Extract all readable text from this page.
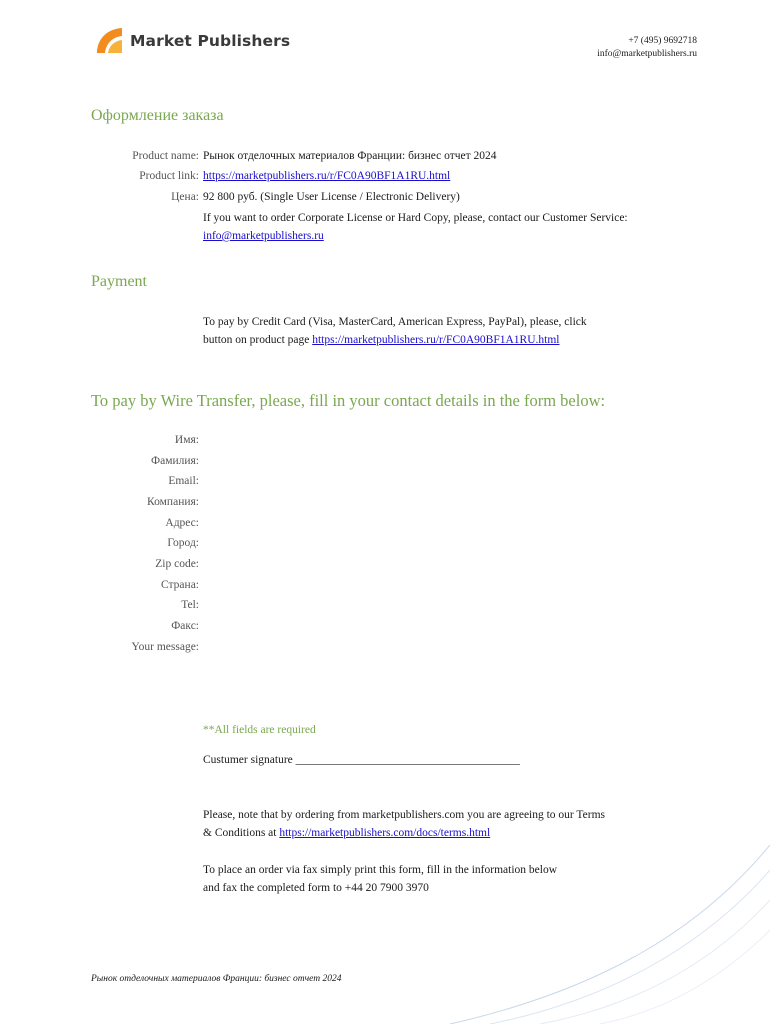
Market Publishers	+7 (495) 9692718
info@marketpublishers.ru
Оформление заказа
Product name: Рынок отделочных материалов Франции: бизнес отчет 2024
Product link: https://marketpublishers.ru/r/FC0A90BF1A1RU.html
Цена: 92 800 руб. (Single User License / Electronic Delivery)
If you want to order Corporate License or Hard Copy, please, contact our Customer Service:
info@marketpublishers.ru
Payment
To pay by Credit Card (Visa, MasterCard, American Express, PayPal), please, click
button on product page https://marketpublishers.ru/r/FC0A90BF1A1RU.html
To pay by Wire Transfer, please, fill in your contact details in the form below:
Имя:
Фамилия:
Email:
Компания:
Адрес:
Город:
Zip code:
Страна:
Tel:
Факс:
Your message:
**All fields are required
Custumer signature _______________________________________
Please, note that by ordering from marketpublishers.com you are agreeing to our Terms
& Conditions at https://marketpublishers.com/docs/terms.html
To place an order via fax simply print this form, fill in the information below
and fax the completed form to +44 20 7900 3970
Рынок отделочных материалов Франции: бизнес отчет 2024
